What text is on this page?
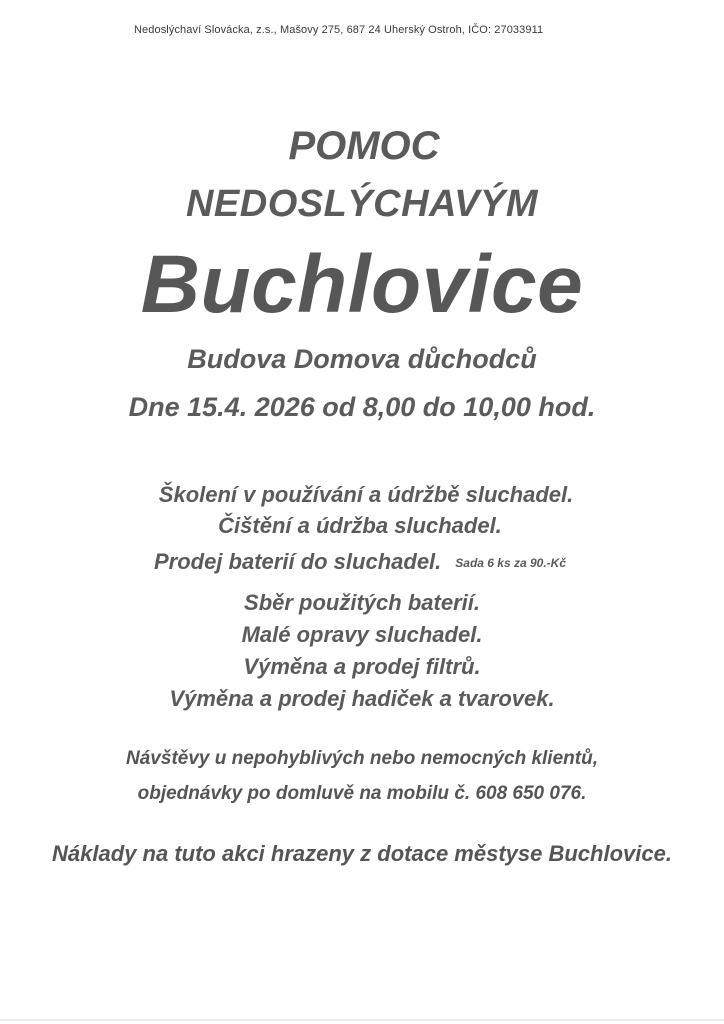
Nedoslýchaví Slovácka, z.s., Mašovy 275, 687 24 Uherský Ostroh, IČO: 27033911
POMOC
NEDOSLÝCHAVÝM
Buchlovice
Budova Domova důchodců
Dne 15.4. 2026 od 8,00 do 10,00 hod.
Školení v používání a údržbě sluchadel.
Čištění a údržba sluchadel.
Prodej baterií do sluchadel. Sada 6 ks za 90.-Kč
Sběr použitých baterií.
Malé opravy sluchadel.
Výměna a prodej filtrů.
Výměna a prodej hadiček a tvarovek.
Návštěvy u nepohyblivých nebo nemocných klientů,
objednávky po domluvě na mobilu č. 608 650 076.
Náklady na tuto akci hrazeny z dotace městyse Buchlovice.
